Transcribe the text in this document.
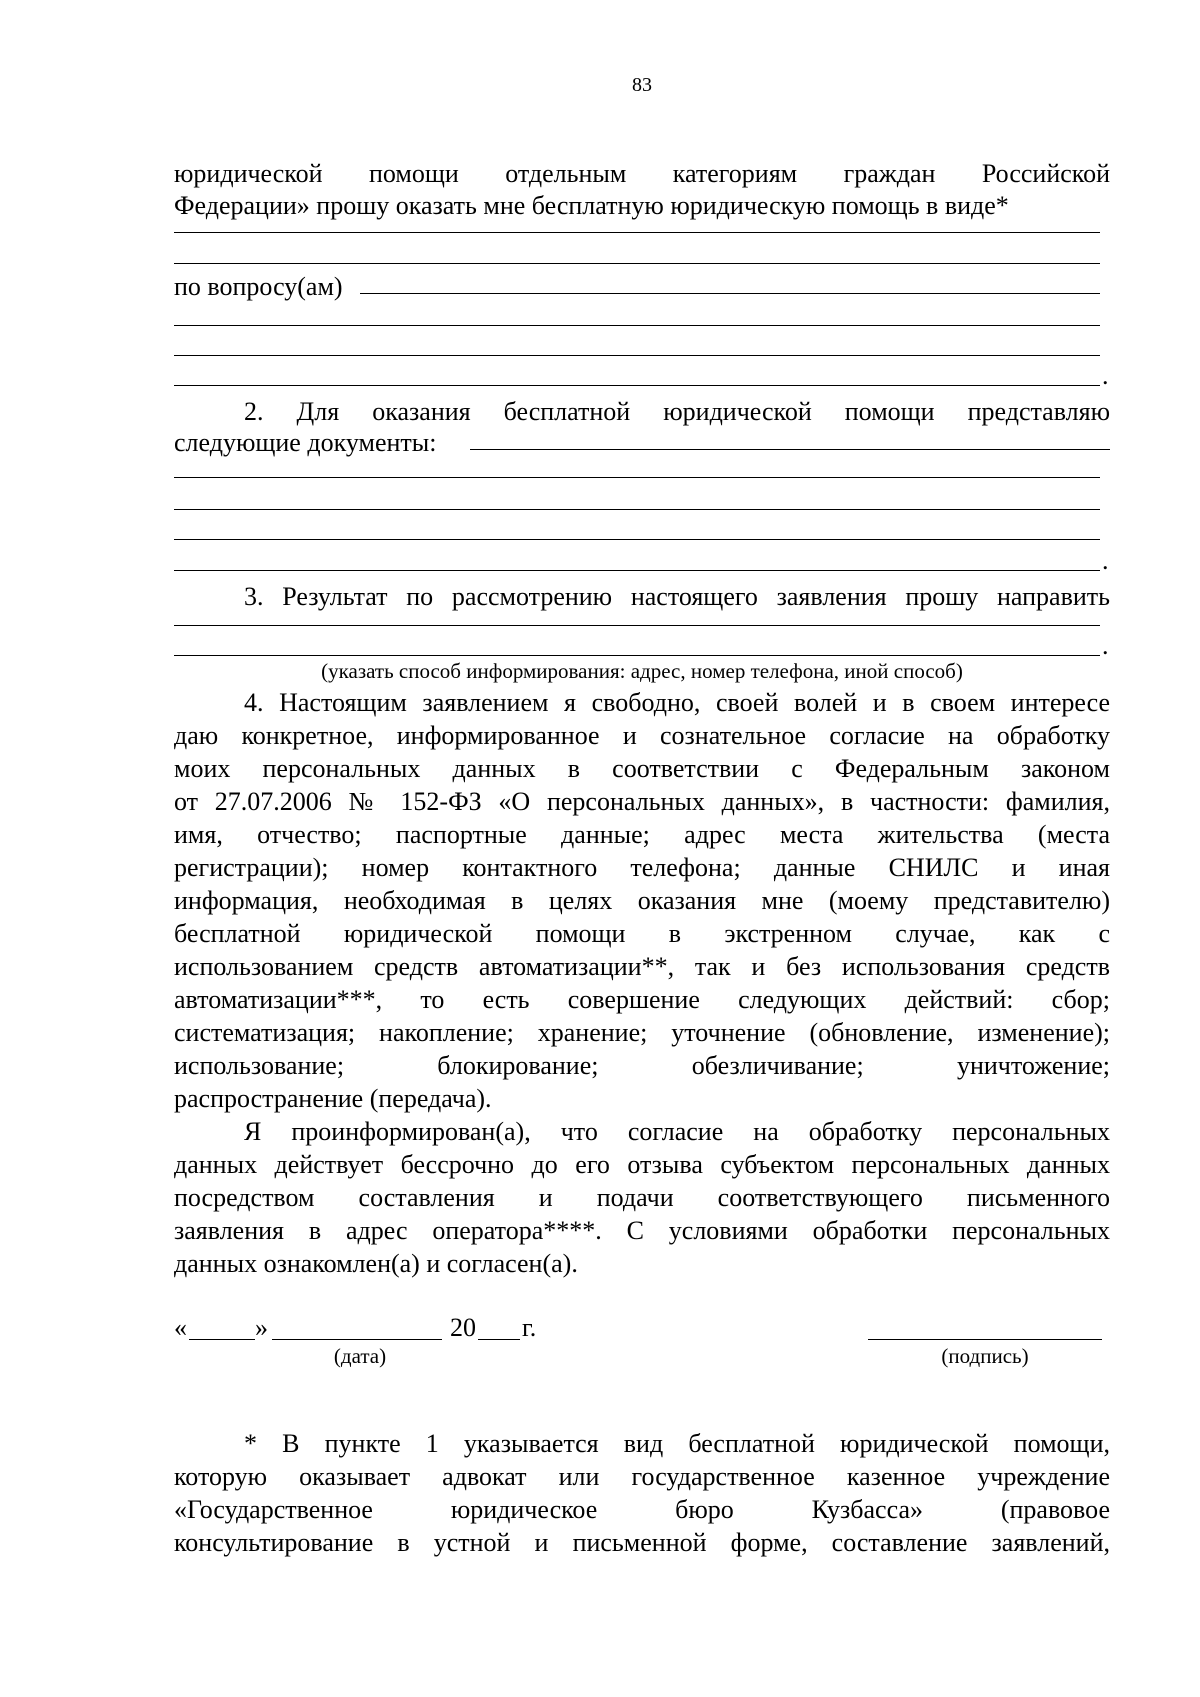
83
юридической помощи отдельным категориям граждан Российской
Федерации» прошу оказать мне бесплатную юридическую помощь в виде*
по вопросу(ам)
.
2. Для оказания бесплатной юридической помощи представляю
следующие документы:
.
3. Результат по рассмотрению настоящего заявления прошу направить
.
(указать способ информирования: адрес, номер телефона, иной способ)
4. Настоящим заявлением я свободно, своей волей и в своем интересе
даю конкретное, информированное и сознательное согласие на обработку
моих персональных данных в соответствии с Федеральным законом
от 27.07.2006 № 152-ФЗ «О персональных данных», в частности: фамилия,
имя, отчество; паспортные данные; адрес места жительства (места
регистрации); номер контактного телефона; данные СНИЛС и иная
информация, необходимая в целях оказания мне (моему представителю)
бесплатной юридической помощи в экстренном случае, как с
использованием средств автоматизации**, так и без использования средств
автоматизации***, то есть совершение следующих действий: сбор;
систематизация; накопление; хранение; уточнение (обновление, изменение);
использование; блокирование; обезличивание; уничтожение;
распространение (передача).
Я проинформирован(а), что согласие на обработку персональных
данных действует бессрочно до его отзыва субъектом персональных данных
посредством составления и подачи соответствующего письменного
заявления в адрес оператора****. С условиями обработки персональных
данных ознакомлен(а) и согласен(а).
«	»	20 г.
(дата)	(подпись)
* В пункте 1 указывается вид бесплатной юридической помощи,
которую оказывает адвокат или государственное казенное учреждение
«Государственное юридическое бюро Кузбасса» (правовое
консультирование в устной и письменной форме, составление заявлений,
